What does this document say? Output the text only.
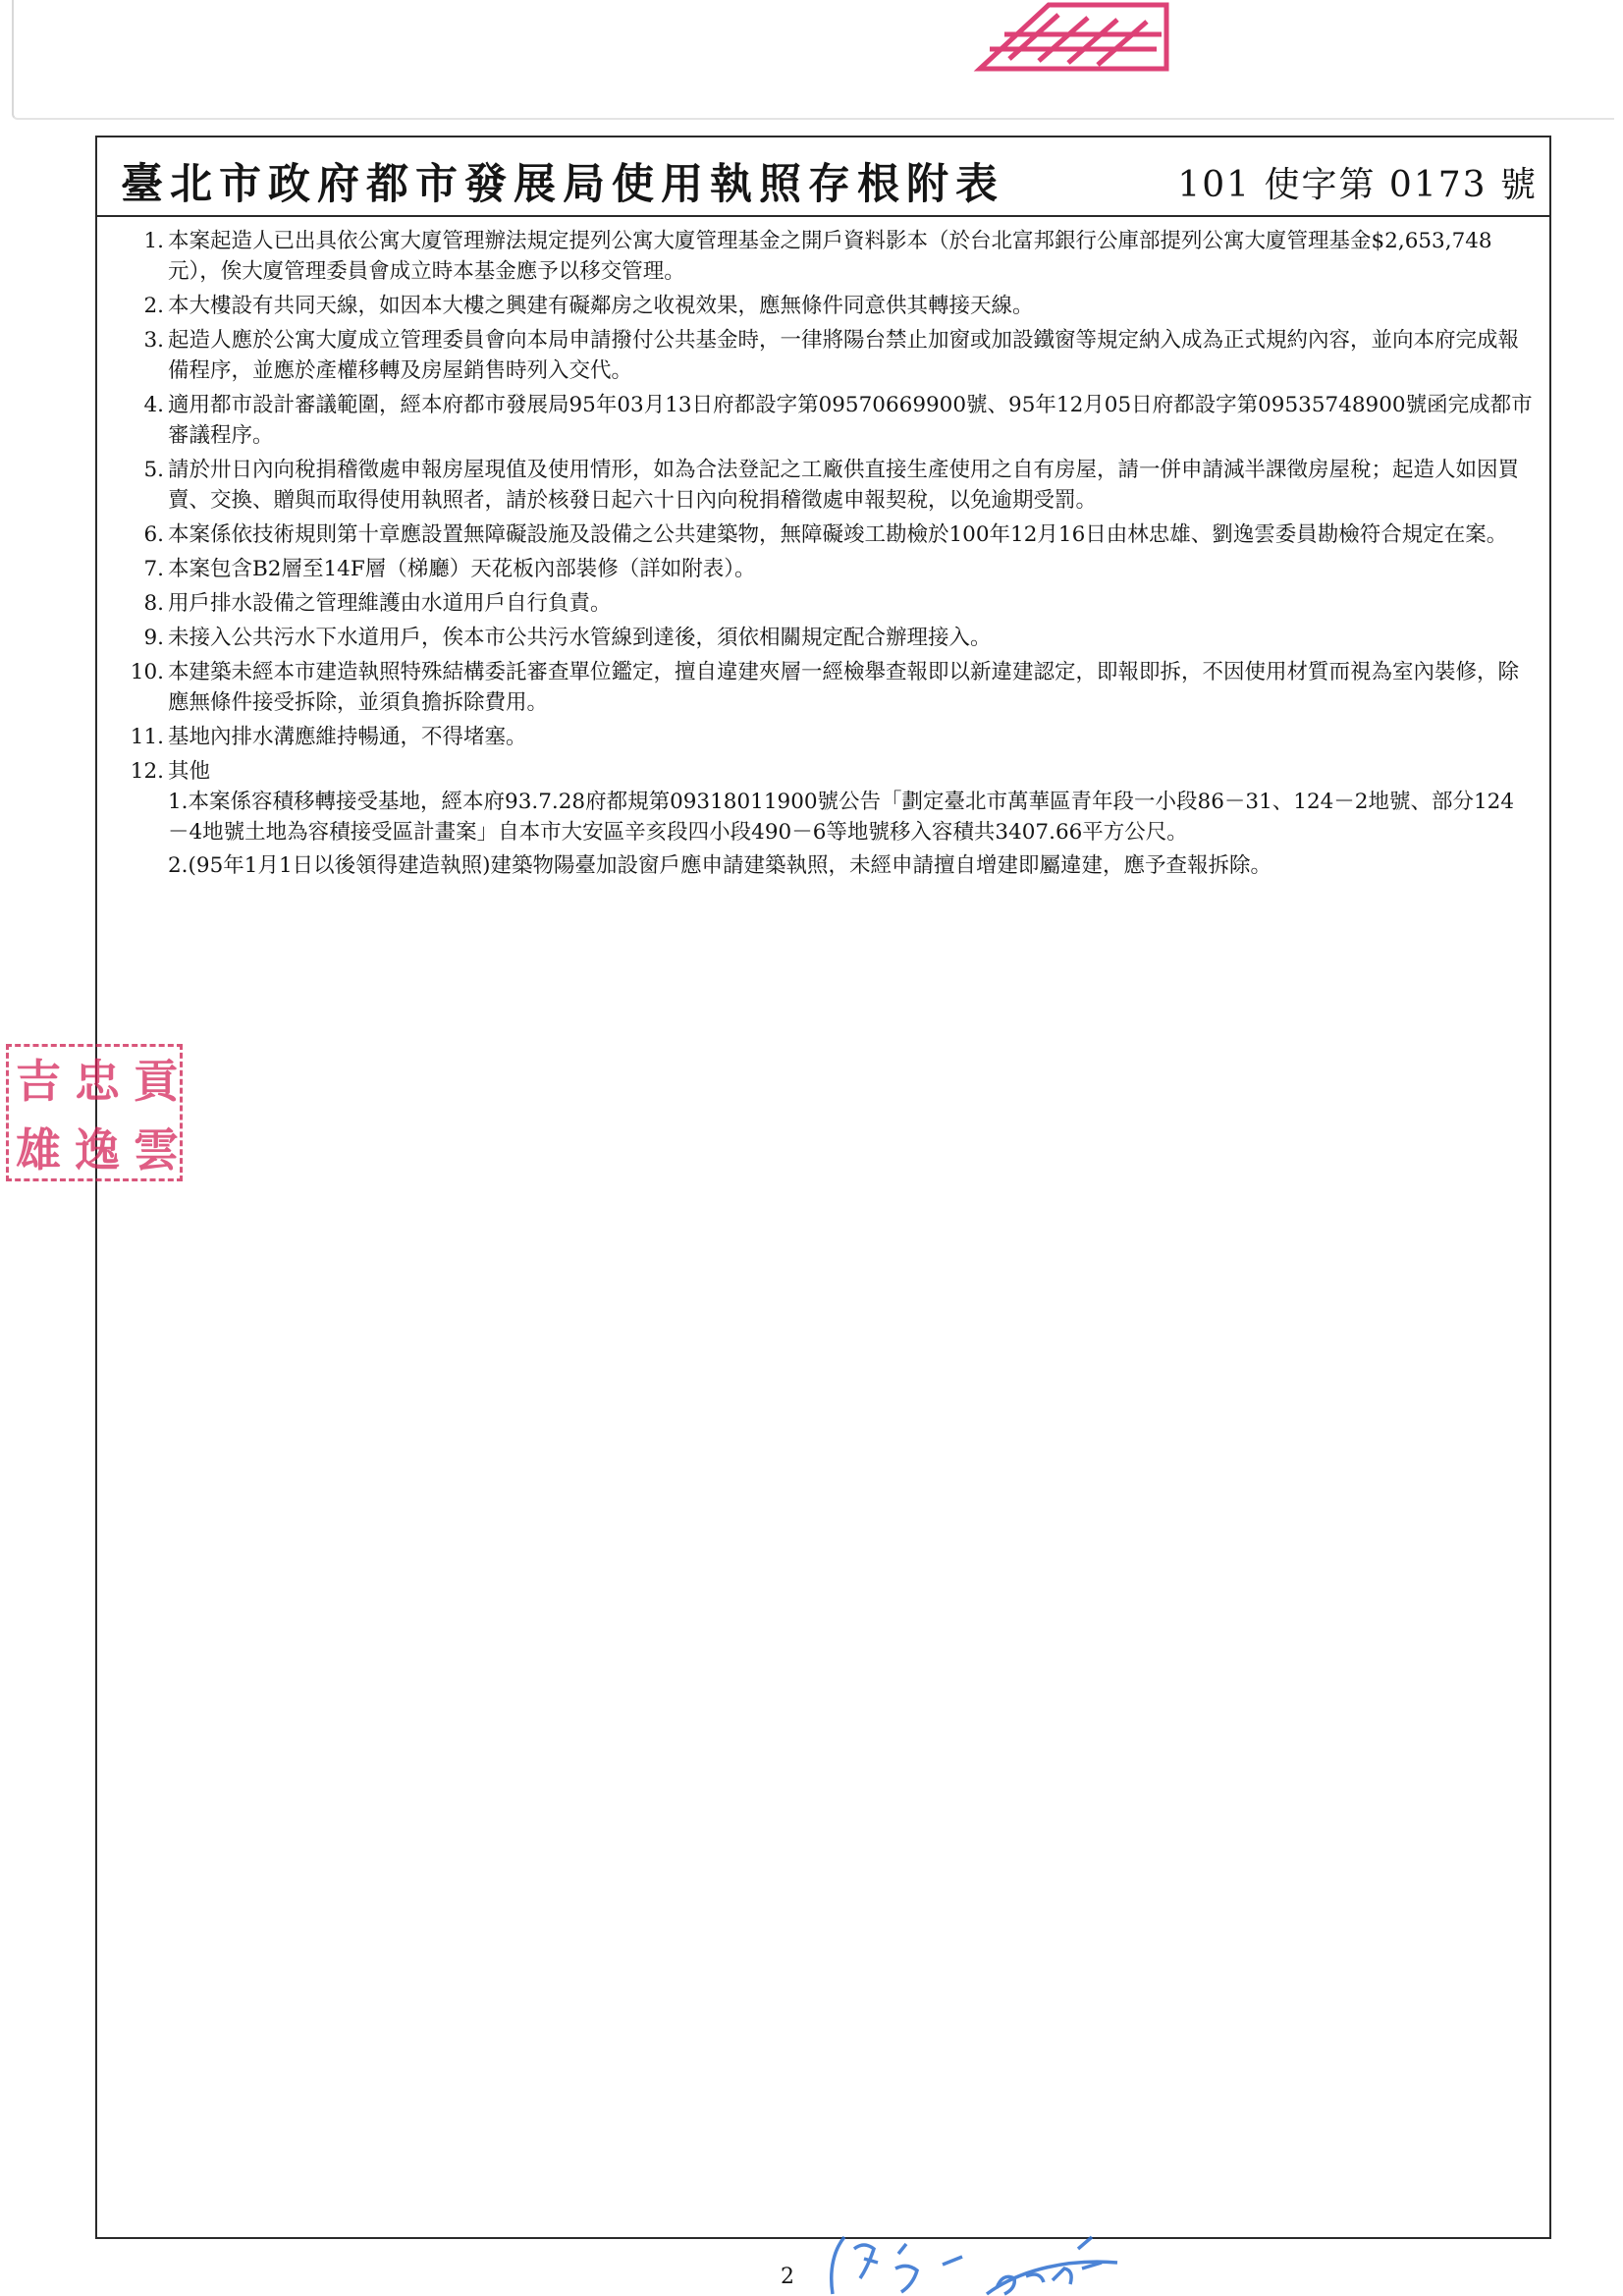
臺北市政府都市發展局使用執照存根附表	101 使字第 0173 號
1. 本案起造人已出具依公寓大廈管理辦法規定提列公寓大廈管理基金之開戶資料影本（於台北富邦銀行公庫部提列公寓大廈管理基金$2,653,748元），俟大廈管理委員會成立時本基金應予以移交管理。
2. 本大樓設有共同天線，如因本大樓之興建有礙鄰房之收視效果，應無條件同意供其轉接天線。
3. 起造人應於公寓大廈成立管理委員會向本局申請撥付公共基金時，一律將陽台禁止加窗或加設鐵窗等規定納入成為正式規約內容，並向本府完成報備程序，並應於產權移轉及房屋銷售時列入交代。
4. 適用都市設計審議範圍，經本府都市發展局95年03月13日府都設字第09570669900號、95年12月05日府都設字第09535748900號函完成都市審議程序。
5. 請於卅日內向稅捐稽徵處申報房屋現值及使用情形，如為合法登記之工廠供直接生產使用之自有房屋，請一併申請減半課徵房屋稅；起造人如因買賣、交換、贈與而取得使用執照者，請於核發日起六十日內向稅捐稽徵處申報契稅，以免逾期受罰。
6. 本案係依技術規則第十章應設置無障礙設施及設備之公共建築物，無障礙竣工勘檢於100年12月16日由林忠雄、劉逸雲委員勘檢符合規定在案。
7. 本案包含B2層至14F層（梯廳）天花板內部裝修（詳如附表）。
8. 用戶排水設備之管理維護由水道用戶自行負責。
9. 未接入公共污水下水道用戶，俟本市公共污水管線到達後，須依相關規定配合辦理接入。
10. 本建築未經本市建造執照特殊結構委託審查單位鑑定，擅自違建夾層一經檢舉查報即以新違建認定，即報即拆，不因使用材質而視為室內裝修，除應無條件接受拆除，並須負擔拆除費用。
11. 基地內排水溝應維持暢通，不得堵塞。
12. 其他
1.本案係容積移轉接受基地，經本府93.7.28府都規第09318011900號公告「劃定臺北市萬華區青年段一小段86－31、124－2地號、部分124－4地號土地為容積接受區計畫案」自本市大安區辛亥段四小段490－6等地號移入容積共3407.66平方公尺。
2.(95年1月1日以後領得建造執照)建築物陽臺加設窗戶應申請建築執照，未經申請擅自增建即屬違建，應予查報拆除。
吉 忠 貢
雄 逸 雲
2
